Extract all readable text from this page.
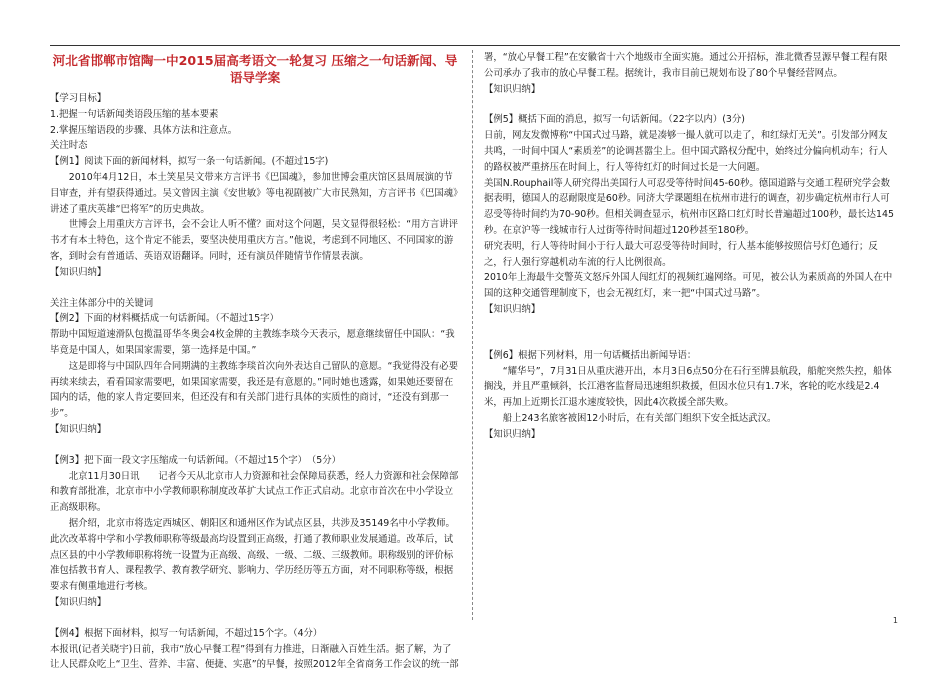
河北省邯郸市馆陶一中2015届高考语文一轮复习 压缩之一句话新闻、导语导学案

【学习目标】

1.把握一句话新闻类语段压缩的基本要素

2.掌握压缩语段的步骤、具体方法和注意点。

关注时态

【例1】阅读下面的新闻材料，拟写一条一句话新闻。(不超过15字)

2010年4月12日，本土笑星吴文带来方言评书《巴国魂》，参加世博会重庆馆区县周展演的节目审查，并有望获得通过。吴文曾因主演《安世敏》等电视剧被广大市民熟知，方言评书《巴国魂》讲述了重庆英雄“巴将军”的历史典故。

世博会上用重庆方言评书，会不会让人听不懂？面对这个问题，吴文显得很轻松：“用方言讲评书才有本土特色，这个肯定不能丢，要坚决使用重庆方言。”他说，考虑到不同地区、不同国家的游客，到时会有普通话、英语双语翻译。同时，还有演员伴随情节作情景表演。

【知识归纳】

关注主体部分中的关键词

【例2】下面的材料概括成一句话新闻。（不超过15字）

帮助中国短道速滑队包揽温哥华冬奥会4枚金牌的主教练李琰今天表示，愿意继续留任中国队：“我毕竟是中国人，如果国家需要，第一选择是中国。”

这是即将与中国队四年合同期满的主教练李琰首次向外表达自己留队的意愿。“我觉得没有必要再续来续去，看看国家需要吧，如果国家需要，我还是有意愿的。”同时她也透露，如果她还要留在国内的话，他的家人肯定要回来，但还没有和有关部门进行具体的实质性的商讨，“还没有到那一步”。

【知识归纳】

【例3】把下面一段文字压缩成一句话新闻。（不超过15个字）　（5分）

北京11月30日讯　　记者今天从北京市人力资源和社会保障局获悉，经人力资源和社会保障部和教育部批准，北京市中小学教师职称制度改革扩大试点工作正式启动。北京市首次在中小学设立正高级职称。

据介绍，北京市将选定西城区、朝阳区和通州区作为试点区县，共涉及35149名中小学教师。此次改革将中学和小学教师职称等级最高均设置到正高级，打通了教师职业发展通道。改革后，试点区县的中小学教师职称将统一设置为正高级、高级、一级、二级、三级教师。职称级别的评价标准包括教书育人、课程教学、教育教学研究、影响力、学历经历等五方面，对不同职称等级，根据要求有侧重地进行考核。

【知识归纳】

【例4】根据下面材料，拟写一句话新闻，不超过15个字。（4分）

本报讯(记者关晓宇)日前，我市“放心早餐工程”得到有力推进，日渐融入百姓生活。据了解，为了让人民群众吃上“卫生、营养、丰富、便捷、实惠”的早餐，按照2012年全省商务工作会议的统一部

署，“放心早餐工程”在安徽省十六个地级市全面实施。通过公开招标，淮北微香昱源早餐工程有限公司承办了我市的放心早餐工程。据统计，我市目前已规划布设了80个早餐经营网点。

【知识归纳】

【例5】概括下面的消息，拟写一句话新闻。（22字以内）(3分)

日前，网友发微博称“中国式过马路，就是凑够一撮人就可以走了，和红绿灯无关”。引发部分网友共鸣，一时间中国人“素质差”的论调甚嚣尘上。但中国式路权分配中，始终过分偏向机动车；行人的路权被严重挤压在时间上，行人等待红灯的时间过长是一大问题。

美国N.Rouphail等人研究得出美国行人可忍受等待时间45-60秒。德国道路与交通工程研究学会数据表明，德国人的忍耐限度是60秒。同济大学课题组在杭州市进行的调查，初步确定杭州市行人可忍受等待时间约为70-90秒。但相关调查显示，杭州市区路口红灯时长普遍超过100秒，最长达145秒。在京沪等一线城市行人过街等待时间超过120秒甚至180秒。

研究表明，行人等待时间小于行人最大可忍受等待时间时，行人基本能够按照信号灯色通行；反之，行人强行穿越机动车流的行人比例很高。

2010年上海最牛交警英文怒斥外国人闯红灯的视频红遍网络。可见，被公认为素质高的外国人在中国的这种交通管理制度下，也会无视红灯，来一把“中国式过马路”。

【知识归纳】

【例6】根据下列材料，用一句话概括出新闻导语：

“耀华号”，7月31日从重庆港开出，本月3日6点50分在石行至牌县航段，船舵突然失控，船体搁浅，并且严重倾斜，长江港客监督局迅速组织救援，但因水位只有1.7米，客轮的吃水线是2.4米，再加上近期长江退水速度较快，因此4次救援全部失败。

船上243名旅客被困12小时后，在有关部门组织下安全抵达武汉。

【知识归纳】

1
